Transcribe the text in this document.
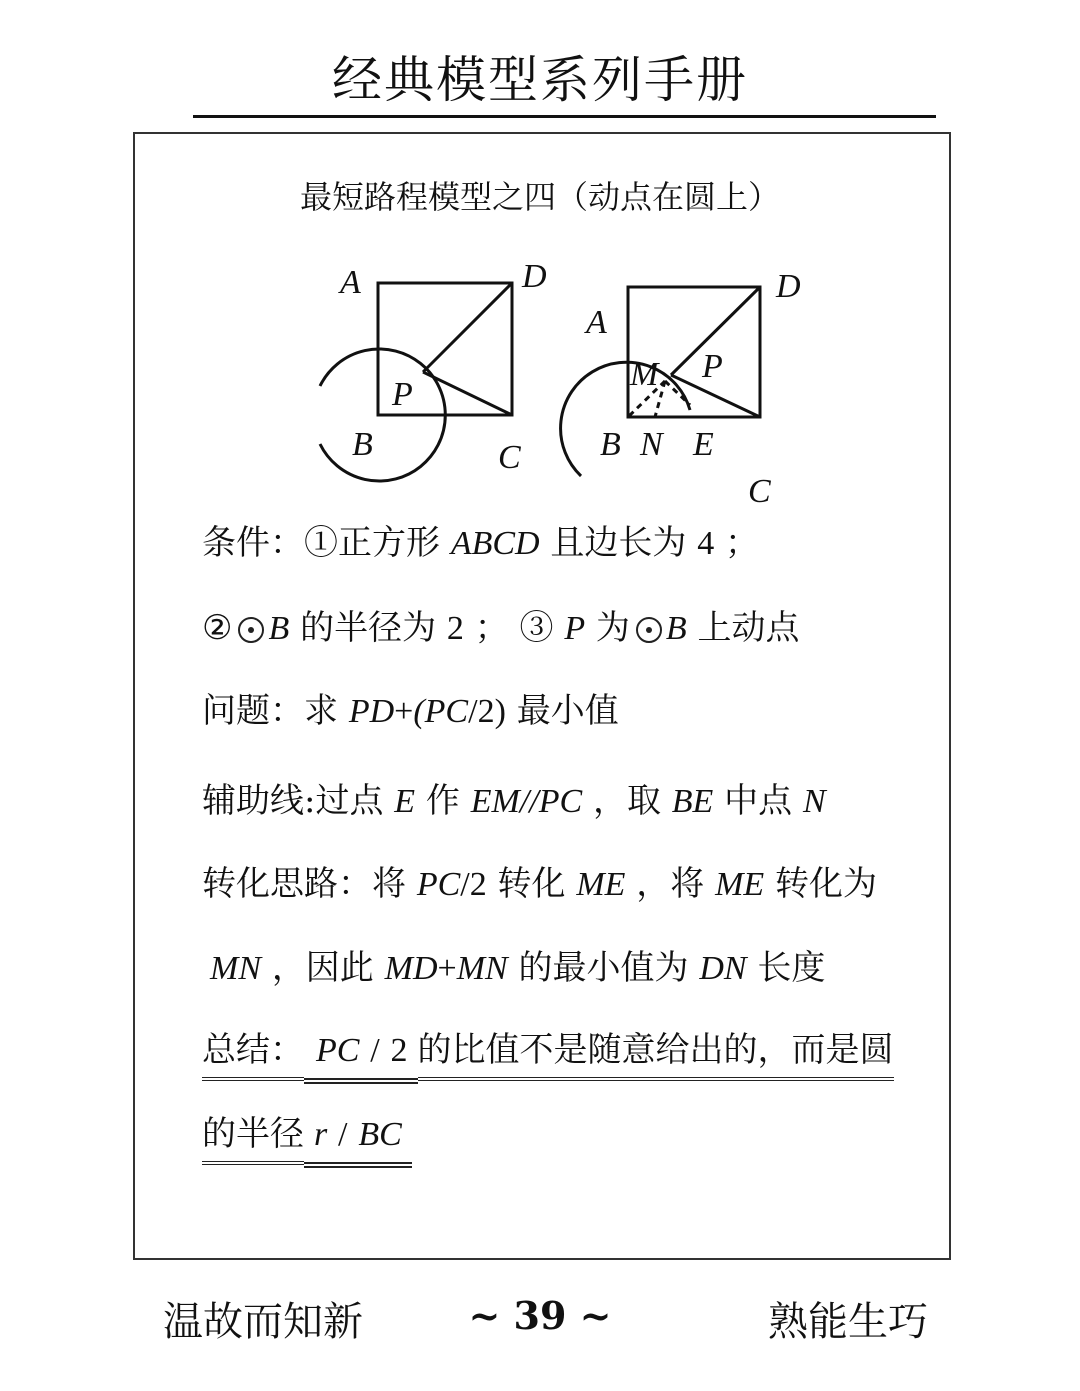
经典模型系列手册
最短路程模型之四（动点在圆上）
A	D
P
B	C
A
D
M P
B N E
C
条件：①正方形 ABCD 且边长为 4 ；
② B 的半径为 2 ； ③ P 为 B 上动点
问题：求 PD+(PC/2) 最小值
辅助线:过点 E 作 EM//PC ，取 BE 中点 N
转化思路：将 PC/2 转化 ME ，将 ME 转化为
MN ，因此 MD+MN 的最小值为 DN 长度
总结： PC / 2 的比值不是随意给出的，而是圆
的半径 r / BC
温故而知新	~ 39 ~	熟能生巧
